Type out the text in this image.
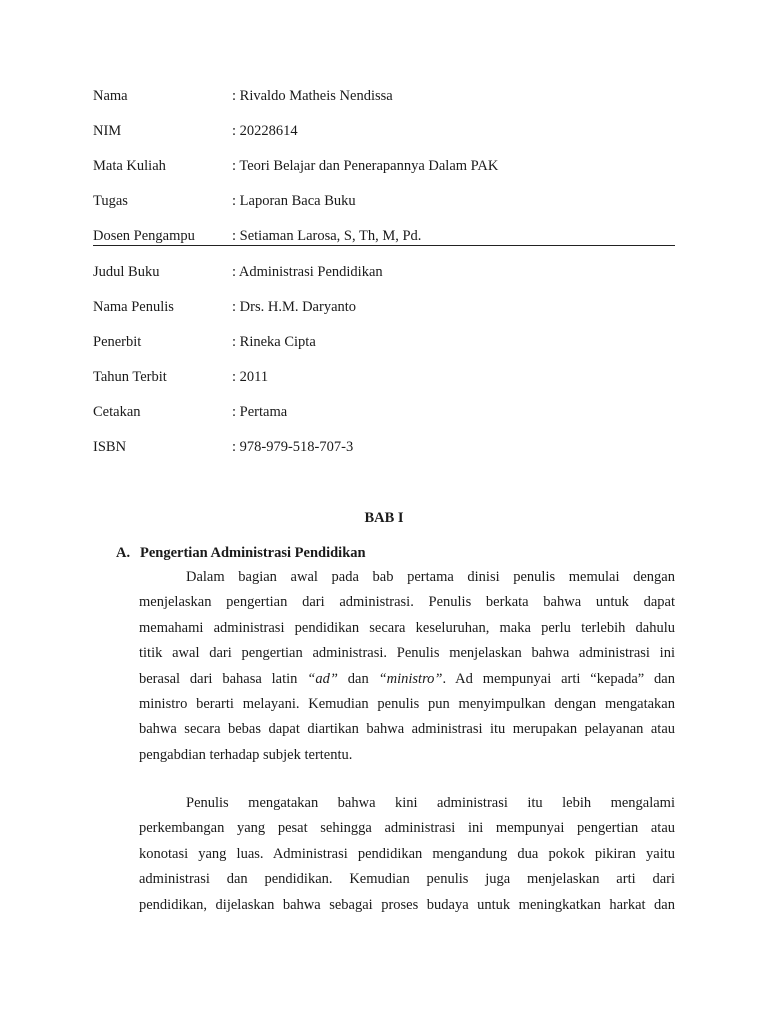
Nama	: Rivaldo Matheis Nendissa
NIM	: 20228614
Mata Kuliah	: Teori Belajar dan Penerapannya Dalam PAK
Tugas	: Laporan Baca Buku
Dosen Pengampu	: Setiaman Larosa, S, Th, M, Pd.
Judul Buku	: Administrasi Pendidikan
Nama Penulis	: Drs. H.M. Daryanto
Penerbit	: Rineka Cipta
Tahun Terbit	: 2011
Cetakan	: Pertama
ISBN	: 978-979-518-707-3
BAB I
A. Pengertian Administrasi Pendidikan
Dalam bagian awal pada bab pertama dinisi penulis memulai dengan
menjelaskan pengertian dari administrasi. Penulis berkata bahwa untuk dapat
memahami administrasi pendidikan secara keseluruhan, maka perlu terlebih dahulu
titik awal dari pengertian administrasi. Penulis menjelaskan bahwa administrasi ini
berasal dari bahasa latin “ad” dan “ministro”. Ad mempunyai arti “kepada” dan
ministro berarti melayani. Kemudian penulis pun menyimpulkan dengan mengatakan
bahwa secara bebas dapat diartikan bahwa administrasi itu merupakan pelayanan atau
pengabdian terhadap subjek tertentu.
Penulis mengatakan bahwa kini administrasi itu lebih mengalami
perkembangan yang pesat sehingga administrasi ini mempunyai pengertian atau
konotasi yang luas. Administrasi pendidikan mengandung dua pokok pikiran yaitu
administrasi dan pendidikan. Kemudian penulis juga menjelaskan arti dari
pendidikan, dijelaskan bahwa sebagai proses budaya untuk meningkatkan harkat dan
